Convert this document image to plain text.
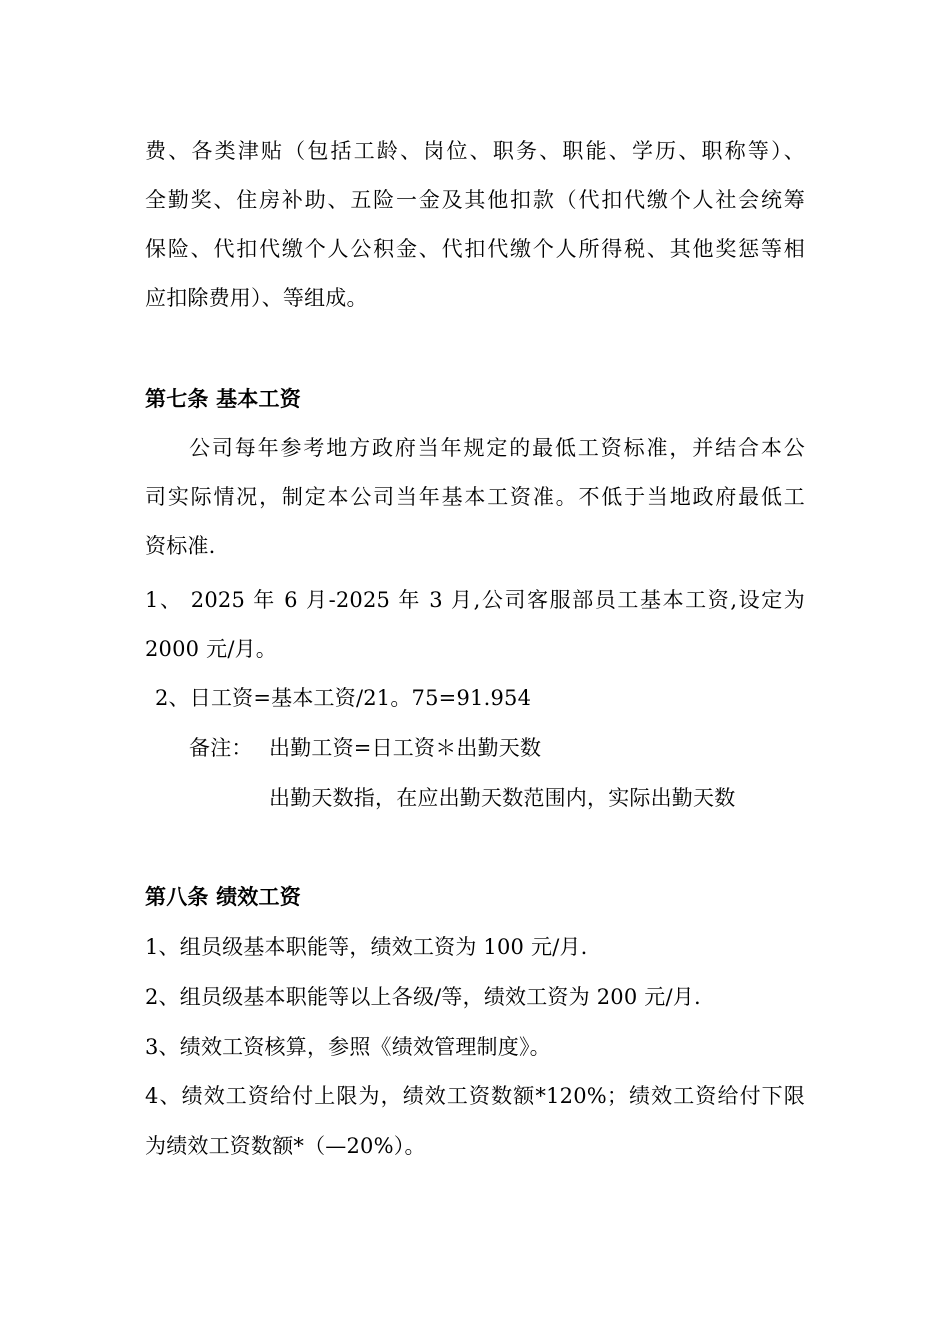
费、各类津贴（包括工龄、岗位、职务、职能、学历、职称等）、
全勤奖、住房补助、五险一金及其他扣款（代扣代缴个人社会统筹
保险、代扣代缴个人公积金、代扣代缴个人所得税、其他奖惩等相
应扣除费用）、等组成。
第七条 基本工资
公司每年参考地方政府当年规定的最低工资标准，并结合本公
司实际情况，制定本公司当年基本工资准。不低于当地政府最低工
资标准.
1、 2025 年 6 月-2025 年 3 月,公司客服部员工基本工资,设定为
2000 元/月。
2、日工资=基本工资/21。75=91.954
备注： 出勤工资=日工资＊出勤天数
出勤天数指，在应出勤天数范围内，实际出勤天数
第八条 绩效工资
1、组员级基本职能等，绩效工资为 100 元/月.
2、组员级基本职能等以上各级/等，绩效工资为 200 元/月.
3、绩效工资核算，参照《绩效管理制度》。
4、绩效工资给付上限为，绩效工资数额*120%；绩效工资给付下限
为绩效工资数额*（—20%）。
